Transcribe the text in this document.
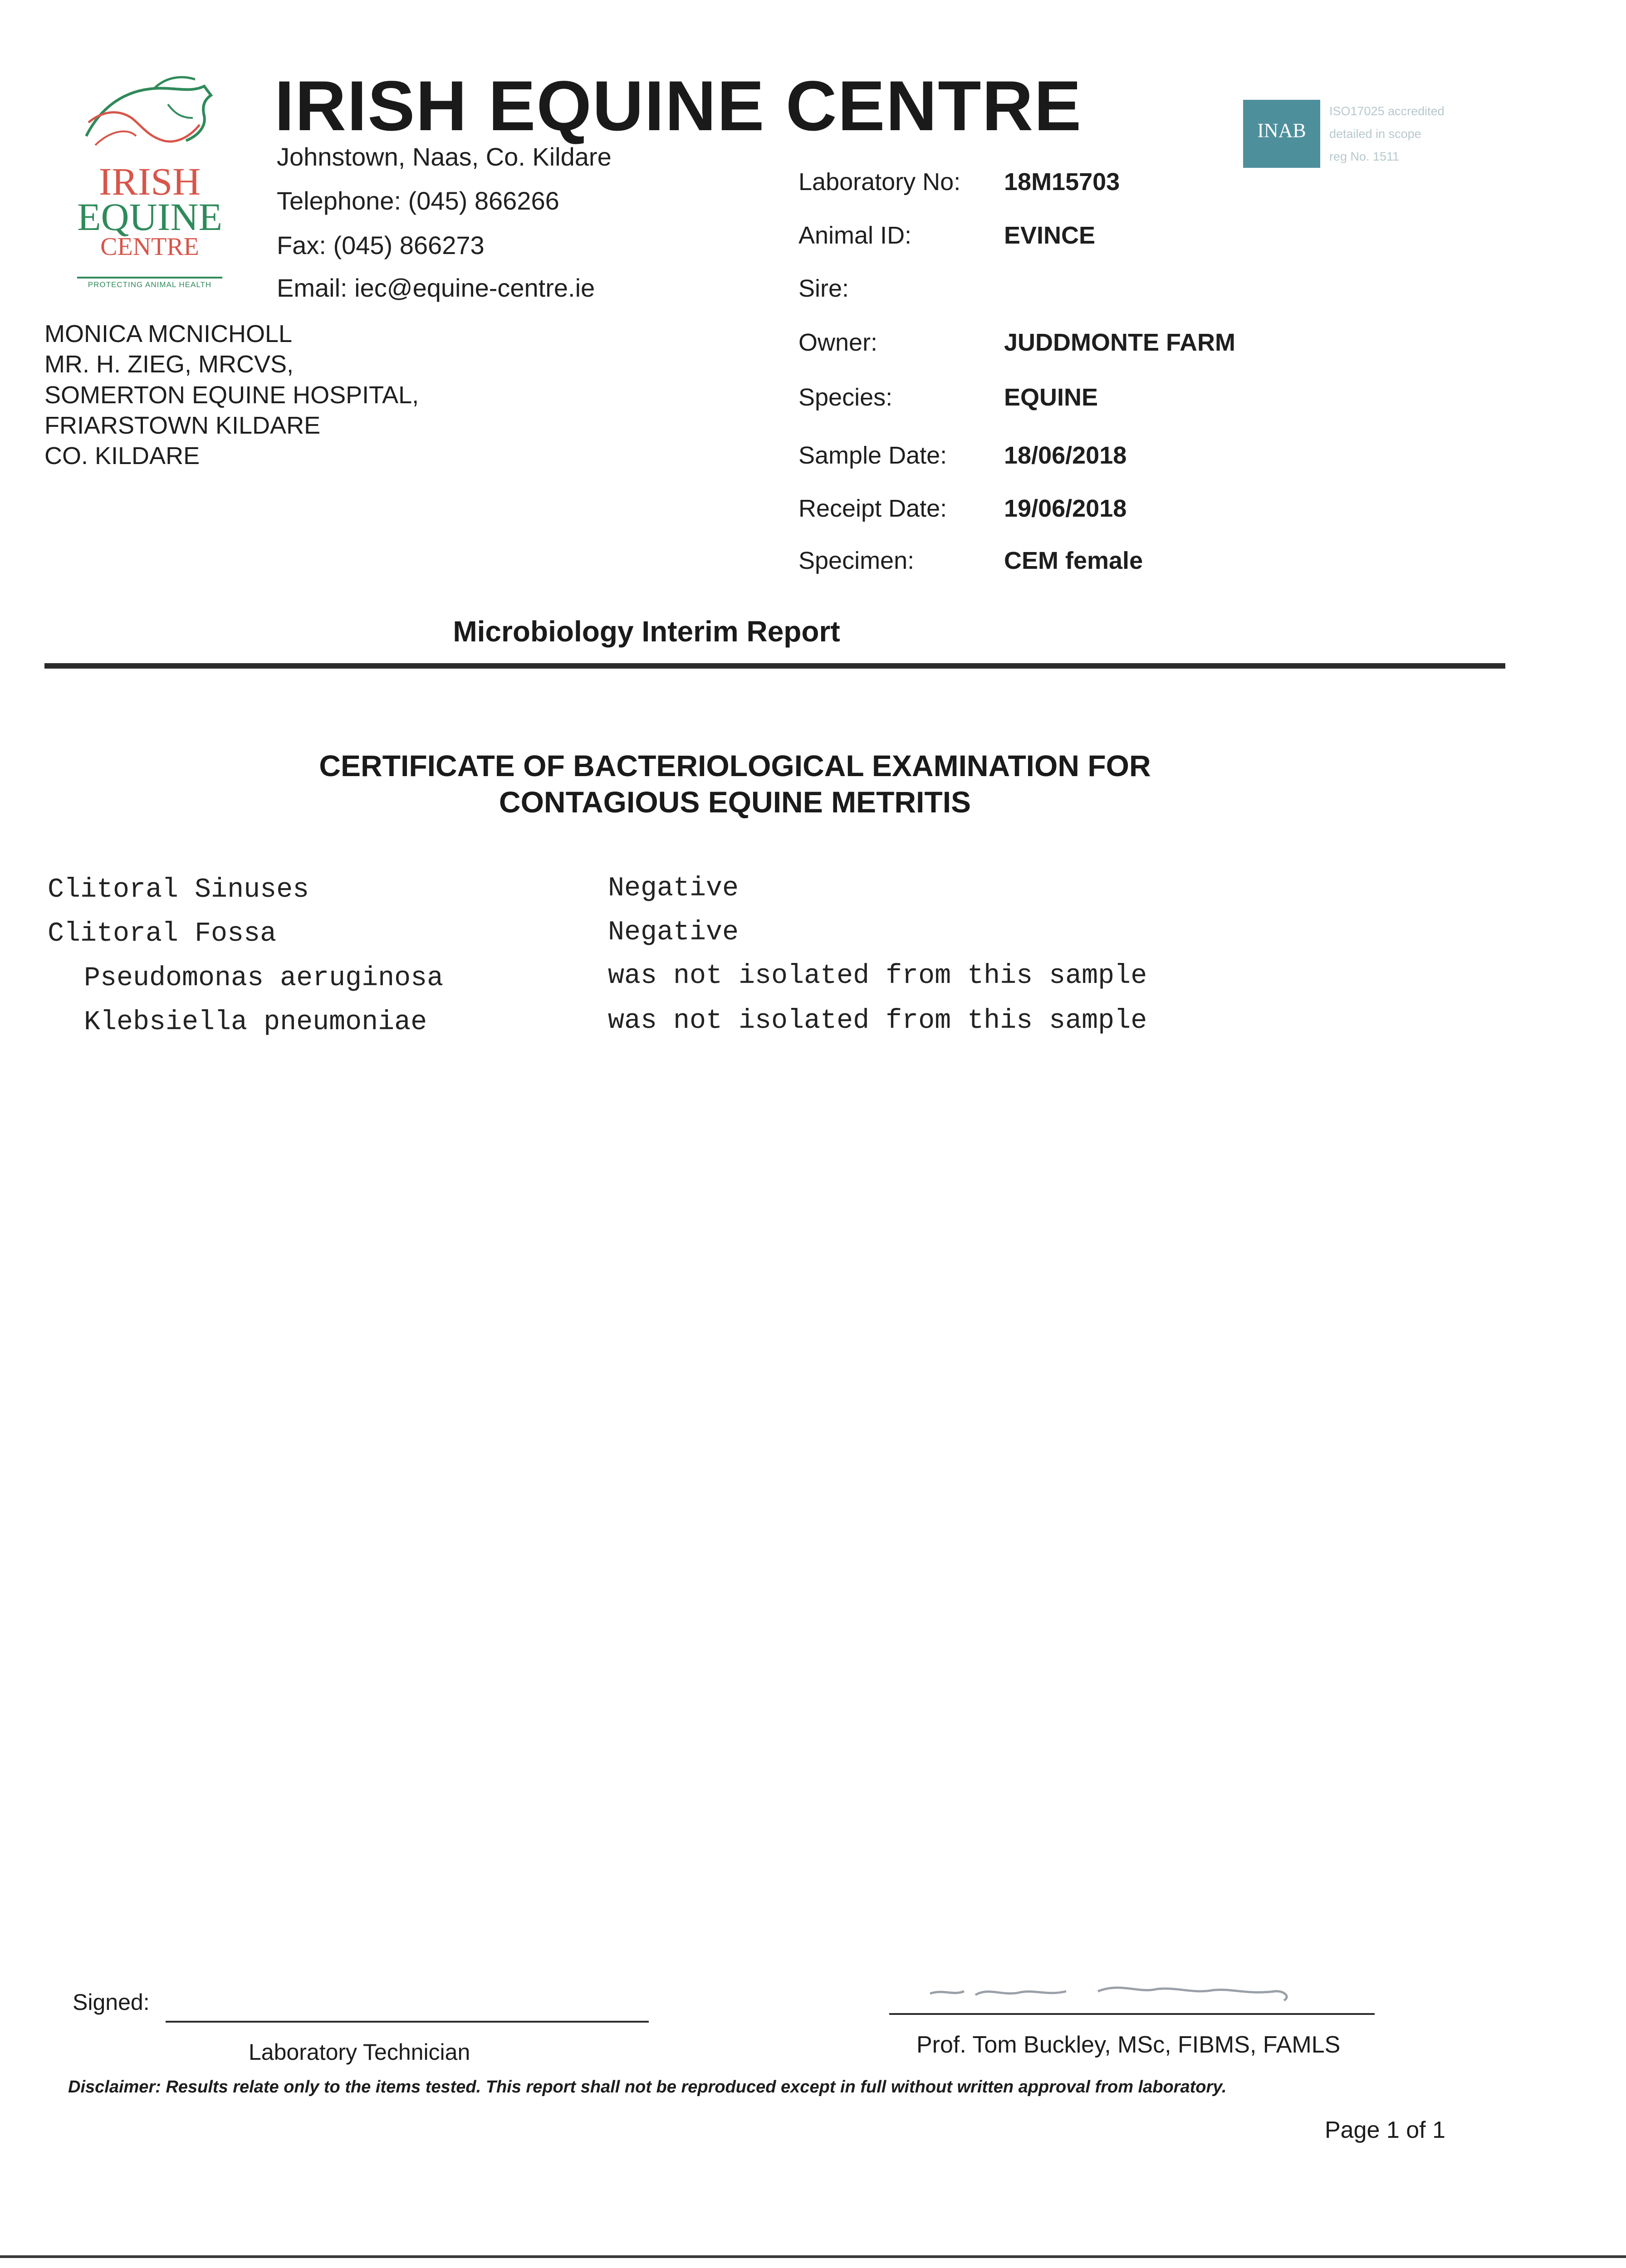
IRISH
EQUINE
CENTRE
PROTECTING ANIMAL HEALTH
IRISH EQUINE CENTRE
Johnstown, Naas, Co. Kildare
Telephone: (045) 866266
Fax: (045) 866273
Email: iec@equine-centre.ie
INAB
ISO17025 accredited
detailed in scope
reg No. 1511
MONICA MCNICHOLL
MR. H. ZIEG, MRCVS,
SOMERTON EQUINE HOSPITAL,
FRIARSTOWN KILDARE
CO. KILDARE
Laboratory No: 18M15703
Animal ID:	EVINCE
Sire:
Owner:	JUDDMONTE FARM
Species:	EQUINE
Sample Date: 18/06/2018
Receipt Date: 19/06/2018
Specimen:	CEM female
Microbiology Interim Report
CERTIFICATE OF BACTERIOLOGICAL EXAMINATION FOR
CONTAGIOUS EQUINE METRITIS
Clitoral Sinuses	Negative
Clitoral Fossa	Negative
Pseudomonas aeruginosa	was not isolated from this sample
Klebsiella pneumoniae	was not isolated from this sample
Signed:
Laboratory Technician	Prof. Tom Buckley, MSc, FIBMS, FAMLS
Disclaimer: Results relate only to the items tested. This report shall not be reproduced except in full without written approval from laboratory.
Page 1 of 1
